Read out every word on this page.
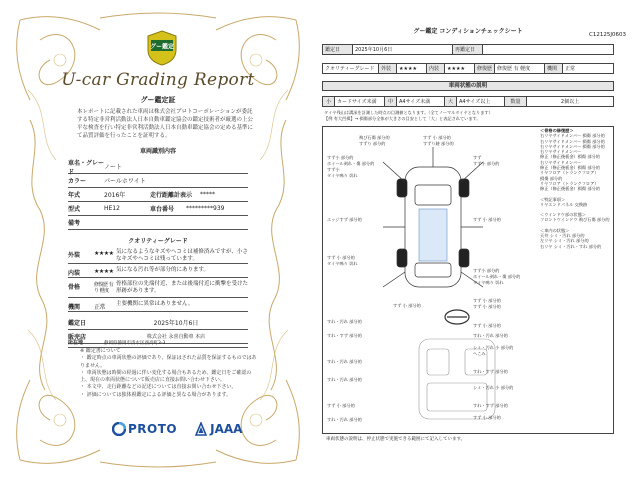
グー鑑定
U-car Grading Report
グー鑑定証
本レポートに記載された車両は株式会社プロトコーポレーションが委託する特定非営利活動法人日本自動車鑑定協会の鑑定技術者が厳選の上公平な検査を行い特定非営利活動法人日本自動車鑑定協会の定める基準にて品質評価を行ったことを証明する。
車両識別内容
車名・グレード
ノート
カラー	パールホワイト
年式	2016年	走行距離計表示	*****
型式	HE12	車台番号	*********939
備考
クオリティーグレード
外装	★★★★ 気になるようなキズやヘコミは補修済みですが、小さなキズやヘコミは残っています。
内装	★★★★ 気になる汚れ等が部分的にあります。
骨格	修復歴 有り 軽度
骨格部位の先端付近、または後端付近に衝撃を受けた形跡があります。
機関	正常	主要機関に異常はありません。
鑑定日	2025年10月6日
販売店	株式会社 永喜自動車 本店
所在地	静岡県静岡市清水区西高町3-3
※ 鑑定書について
・ 鑑定時点の車両状態の評価であり、保証はされた品質を保証するものではありません。
・ 車両状態は時間の経過に伴い変化する場合もあるため、鑑定日をご確認の上、現在の車両状態について販売店に直接お問い合わせ下さい。
・ 本文中、走行距離などの記述については直接お問い合わせ下さい。
・ 評価については独体視鑑定による評価と異なる場合があります。
PROTO	JAAA
グー鑑定 コンディションチェックシート	C12125J0603
鑑定日	2025年10月6日	再鑑定日	
クオリティーグレード	外装	★★★★	内装	★★★★	修復歴	修復歴 有 軽度	機関	正常
車両状態の説明
小	カードサイズ未満	中	A4サイズ未満	大	A4サイズ以上	数量	2個以上
タイヤ残山は溝深を計測した時点の目測値となります。（全てノーマルタイヤとなります）
【例 有大凹損】→ 損傷部分全体が大きさの目安として「大」と表記されています。
飛び石傷 部分的
すずり 部分的
すず 小 部分的
すずり跡 部分的
すず小 部分的
ホイール剥れ・傷 部分的
すず小
タイヤ鳴り 切れ
すず
すず小 部分的
エッジすず 部分的
すず 小 部分的
すず 小 部分的
タイヤ鳴り 切れ
すず小 部分的
ホイール剥れ・傷 部分的
タイヤ鳴り 切れ
すず 小 部分的
すず 小 部分的
すず 小 部分的
すれ・汚れ 部分的
すれ・汚れ 部分的
シミ・汚れ 小 部分的
へこみ
すれ・すず 部分的
シミ・汚れ 小 部分的
すれ・汚れ 部分的
すれ・すず 部分的
すず 小 部分的
すず 小 部分的
すれ・汚れ 部分的
すれ・汚れ 部分的
すず 小 部分的
すれ・すず 部分的
＜骨格の修復歴＞
右リヤサイドメンバー 損傷 部分的
右リヤサイドメンバー 損傷 部分的
右リヤサイドメンバー 損傷 部分的
右リヤサイドメンバー
修正（修正後板金）損傷 部分的
右リヤサイドメンバー
修正（修正後板金）損傷 部分的
リヤフロア（トランクフロア）
損傷 部分的
リヤフロア（トランクフロア）
修正（修正後板金）損傷 部分的
＜特記事項＞
リヤエンドパネル 交換跡
＜ウインドウ部の状態＞
フロントウインドウ 飛び石傷 部分的
＜車内の状態＞
天井 シミ・汚れ 部分的
左リヤ シミ・汚れ 部分的
右リヤ シミ・汚れ・すれ 部分的
車両状態の説明は、停止状態で実施できる範囲にて記入しています。
